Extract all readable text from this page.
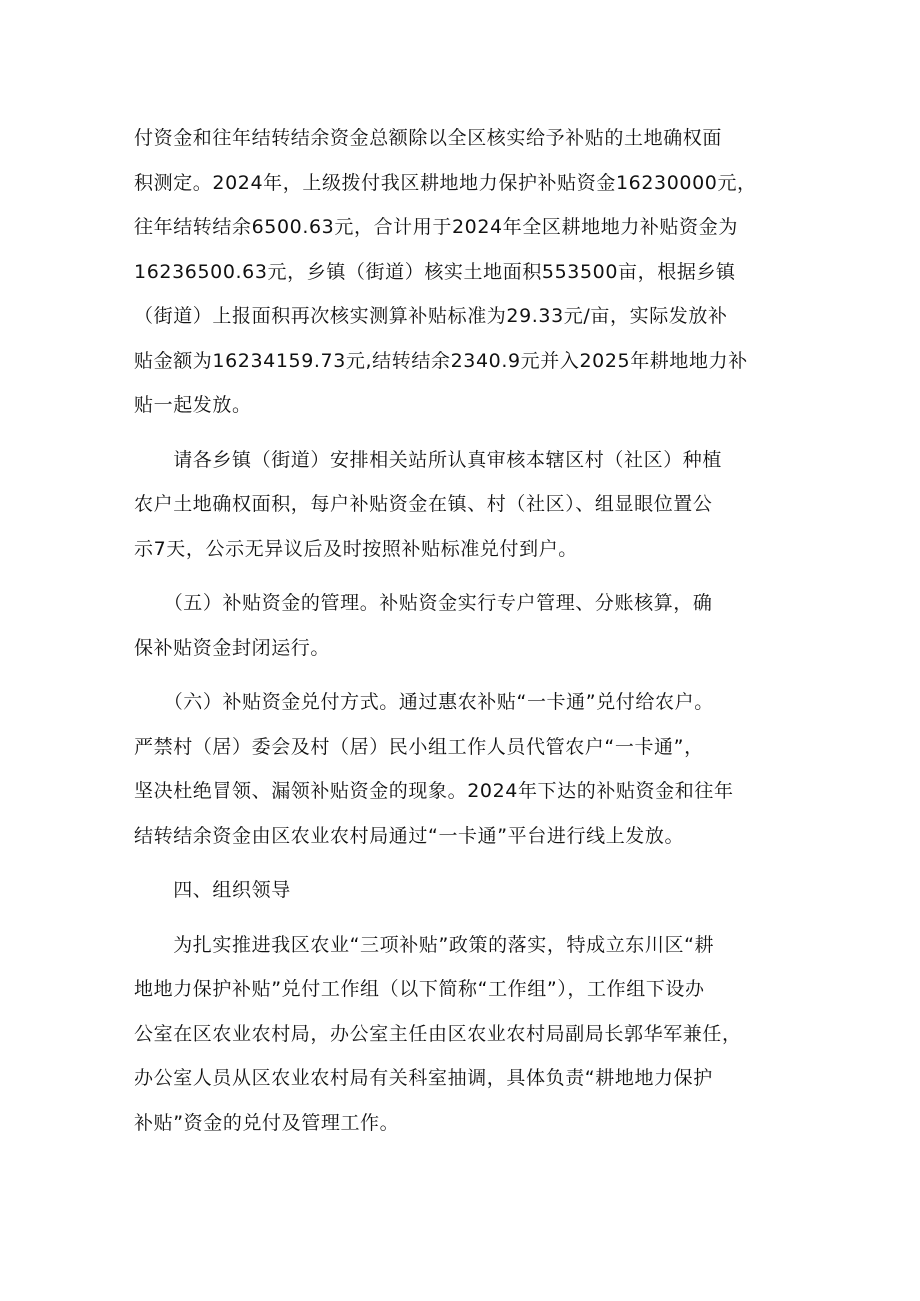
付资金和往年结转结余资金总额除以全区核实给予补贴的土地确权面
积测定。2024年，上级拨付我区耕地地力保护补贴资金16230000元，
往年结转结余6500.63元，合计用于2024年全区耕地地力补贴资金为
16236500.63元，乡镇（街道）核实土地面积553500亩，根据乡镇
（街道）上报面积再次核实测算补贴标准为29.33元/亩，实际发放补
贴金额为16234159.73元,结转结余2340.9元并入2025年耕地地力补
贴一起发放。

　　请各乡镇（街道）安排相关站所认真审核本辖区村（社区）种植
农户土地确权面积，每户补贴资金在镇、村（社区）、组显眼位置公
示7天，公示无异议后及时按照补贴标准兑付到户。

　　（五）补贴资金的管理。补贴资金实行专户管理、分账核算，确
保补贴资金封闭运行。

　　（六）补贴资金兑付方式。通过惠农补贴“一卡通”兑付给农户。
严禁村（居）委会及村（居）民小组工作人员代管农户“一卡通”，
坚决杜绝冒领、漏领补贴资金的现象。2024年下达的补贴资金和往年
结转结余资金由区农业农村局通过“一卡通”平台进行线上发放。

　　四、组织领导

　　为扎实推进我区农业“三项补贴”政策的落实，特成立东川区“耕
地地力保护补贴”兑付工作组（以下简称“工作组”），工作组下设办
公室在区农业农村局，办公室主任由区农业农村局副局长郭华军兼任，
办公室人员从区农业农村局有关科室抽调，具体负责“耕地地力保护
补贴”资金的兑付及管理工作。
